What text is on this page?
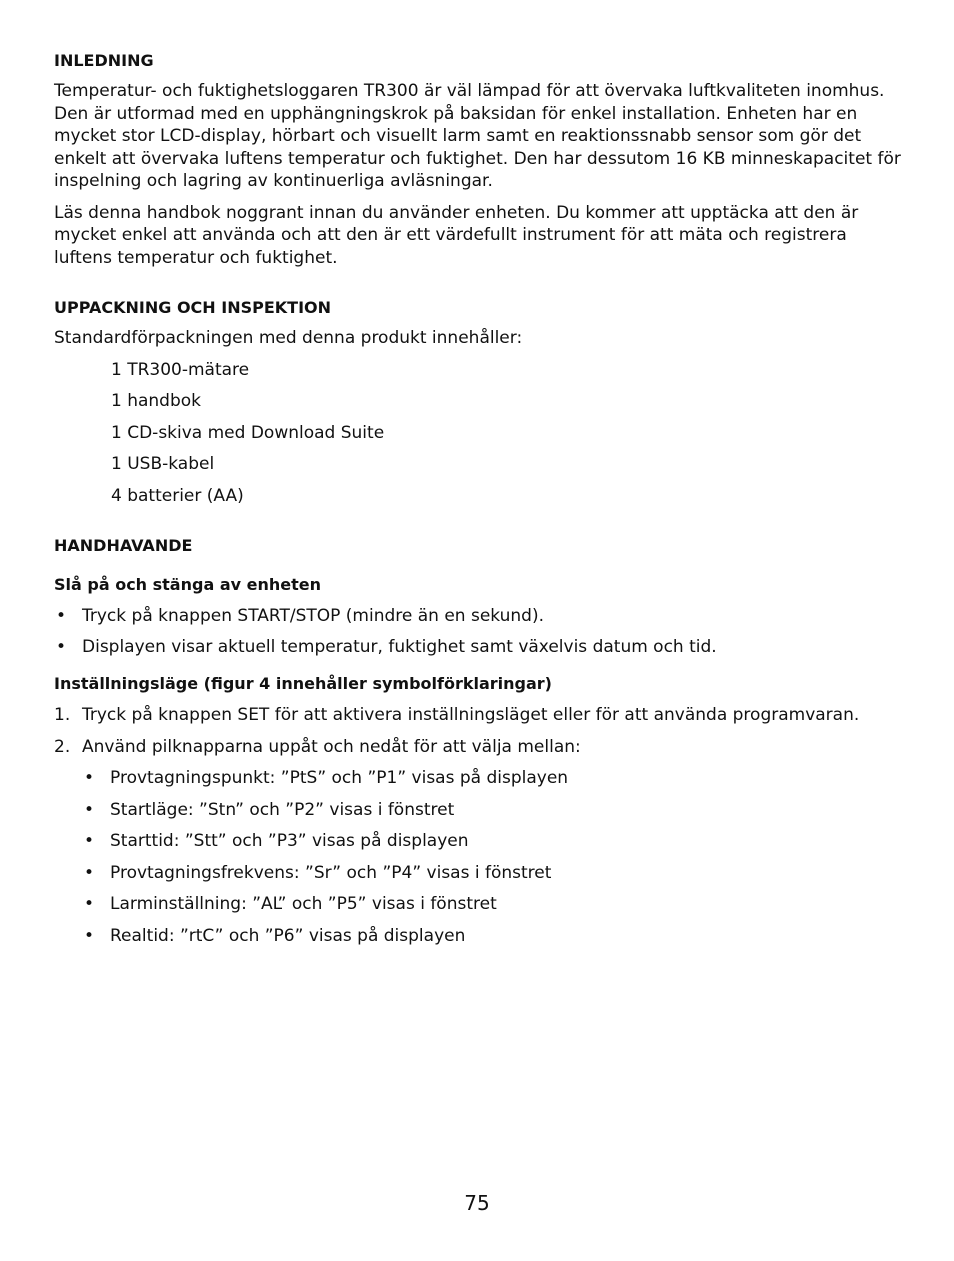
INLEDNING

Temperatur- och fuktighetsloggaren TR300 är väl lämpad för att övervaka luftkvaliteten inomhus. Den är utformad med en upphängningskrok på baksidan för enkel installation. Enheten har en mycket stor LCD-display, hörbart och visuellt larm samt en reaktionssnabb sensor som gör det enkelt att övervaka luftens temperatur och fuktighet. Den har dessutom 16 KB minneskapacitet för inspelning och lagring av kontinuerliga avläsningar.

Läs denna handbok noggrant innan du använder enheten. Du kommer att upptäcka att den är mycket enkel att använda och att den är ett värdefullt instrument för att mäta och registrera luftens temperatur och fuktighet.

UPPACKNING OCH INSPEKTION

Standardförpackningen med denna produkt innehåller:

1 TR300-mätare
1 handbok
1 CD-skiva med Download Suite
1 USB-kabel
4 batterier (AA)
HANDHAVANDE
Slå på och stänga av enheten
• Tryck på knappen START/STOP (mindre än en sekund).
• Displayen visar aktuell temperatur, fuktighet samt växelvis datum och tid.
Inställningsläge (figur 4 innehåller symbolförklaringar)
1. Tryck på knappen SET för att aktivera inställningsläget eller för att använda programvaran.
2. Använd pilknapparna uppåt och nedåt för att välja mellan:
• Provtagningspunkt: ”PtS” och ”P1” visas på displayen
• Startläge: ”Stn” och ”P2” visas i fönstret
• Starttid: ”Stt” och ”P3” visas på displayen
• Provtagningsfrekvens: ”Sr” och ”P4” visas i fönstret
• Larminställning: ”AL” och ”P5” visas i fönstret
• Realtid: ”rtC” och ”P6” visas på displayen
75
